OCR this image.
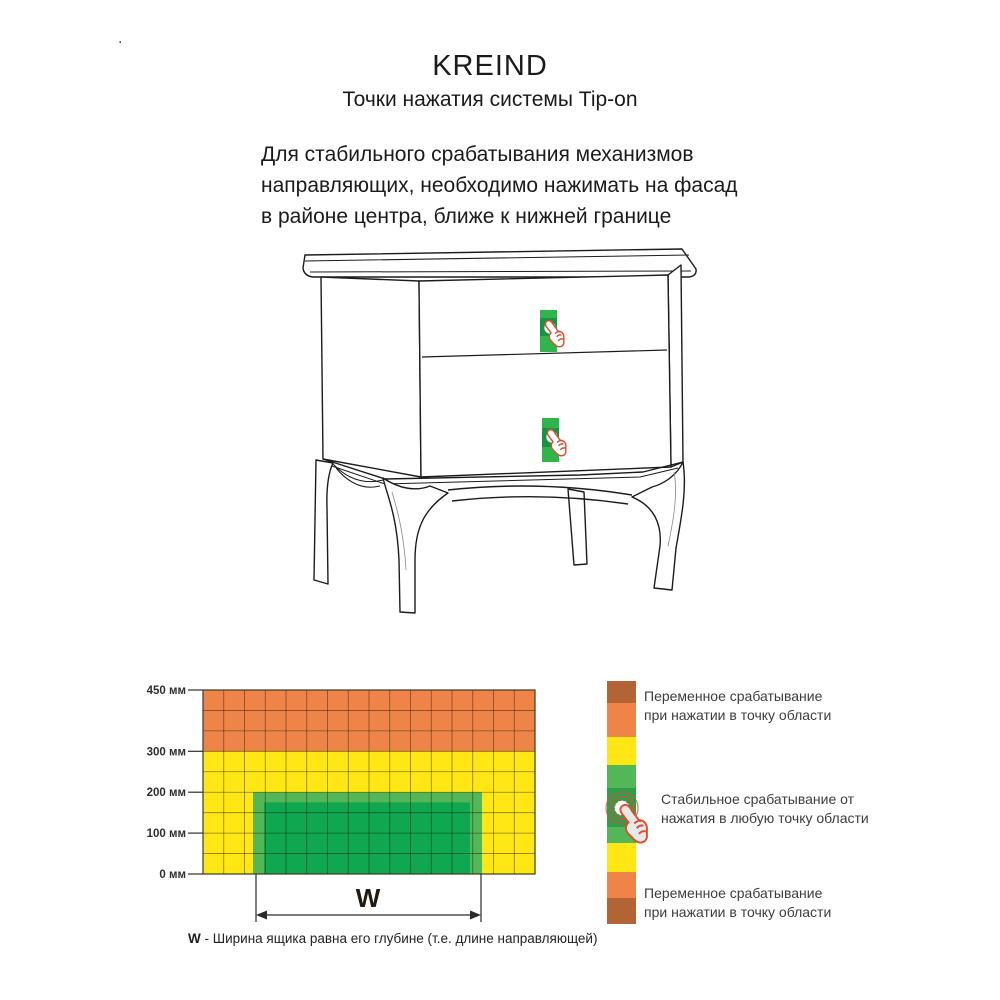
.
KREIND
Точки нажатия системы Tip-on
Для стабильного срабатывания механизмов
направляющих, необходимо нажимать на фасад
в районе центра, ближе к нижней границе
450 мм
300 мм
200 мм
100 мм
0 мм
W
W - Ширина ящика равна его глубине (т.е. длине направляющей)
Переменное срабатывание
при нажатии в точку области
Стабильное срабатывание от
нажатия в любую точку области
Переменное срабатывание
при нажатии в точку области
